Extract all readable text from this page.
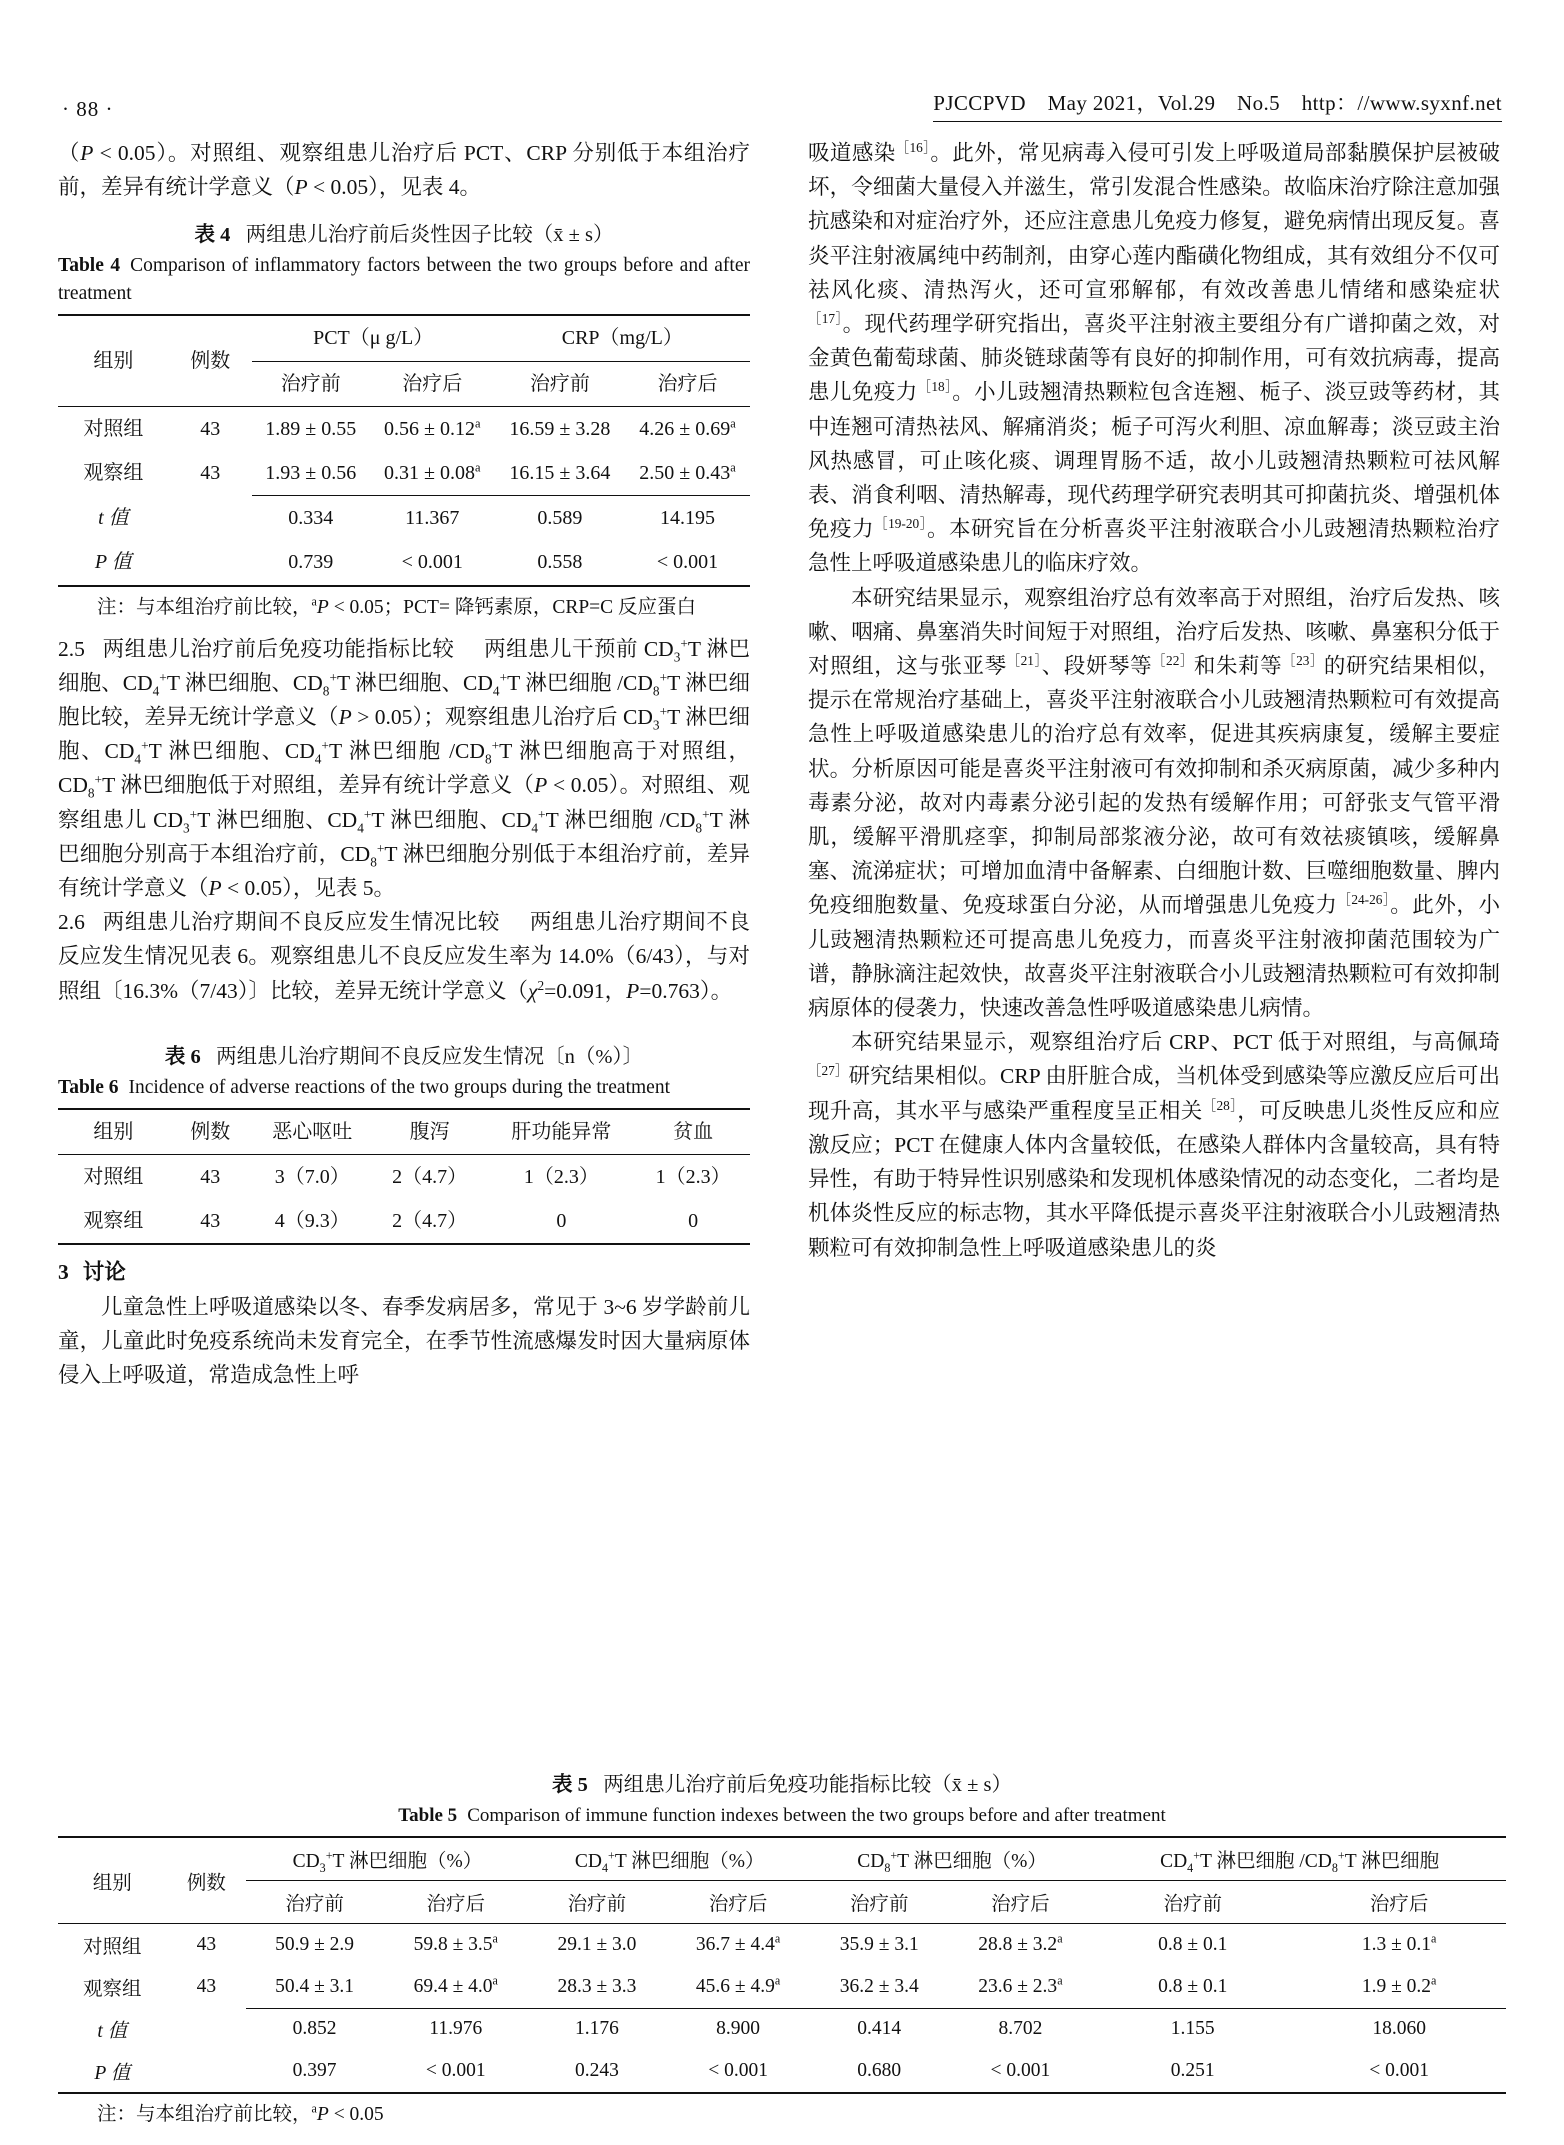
· 88 ·	PJCCPVD May 2021，Vol.29 No.5 http：//www.syxnf.net

（P < 0.05）。对照组、观察组患儿治疗后 PCT、CRP 分别低于本组治疗前，差异有统计学意义（P < 0.05），见表 4。

表 4 两组患儿治疗前后炎性因子比较（x̄ ± s）
Table 4 Comparison of inflammatory factors between the two groups before and after treatment
组别	例数	PCT（μ g/L）		CRP（mg/L）	
		治疗前	治疗后	治疗前	治疗后
对照组	43	1.89 ± 0.55	0.56 ± 0.12$^a$	16.59 ± 3.28	4.26 ± 0.69$^a$
观察组	43	1.93 ± 0.56	0.31 ± 0.08$^a$	16.15 ± 3.64	2.50 ± 0.43$^a$
t 值		0.334	11.367	0.589	14.195
P 值		0.739	< 0.001	0.558	< 0.001
注：与本组治疗前比较，$^a$P < 0.05；PCT= 降钙素原，CRP=C 反应蛋白

2.5 两组患儿治疗前后免疫功能指标比较  两组患儿干预前 $CD_3^+T$ 淋巴细胞、$CD_4^+T$ 淋巴细胞、$CD_8^+T$ 淋巴细胞、$CD_4^+T$ 淋巴细胞 $/CD_8^+T$ 淋巴细胞比较，差异无统计学意义（P > 0.05）；观察组患儿治疗后 $CD_3^+T$ 淋巴细胞、$CD_4^+T$ 淋巴细胞、$CD_4^+T$ 淋巴细胞 $/CD_8^+T$ 淋巴细胞高于对照组，$CD_8^+T$ 淋巴细胞低于对照组，差异有统计学意义（P < 0.05）。对照组、观察组患儿 $CD_3^+T$ 淋巴细胞、$CD_4^+T$ 淋巴细胞、$CD_4^+T$ 淋巴细胞 $/CD_8^+T$ 淋巴细胞分别高于本组治疗前，$CD_8^+T$ 淋巴细胞分别低于本组治疗前，差异有统计学意义（P < 0.05），见表 5。

2.6 两组患儿治疗期间不良反应发生情况比较  两组患儿治疗期间不良反应发生情况见表 6。观察组患儿不良反应发生率为 14.0%（6/43），与对照组〔16.3%（7/43）〕比较，差异无统计学意义（$\chi^2=0.091$，P=0.763）。

表 6 两组患儿治疗期间不良反应发生情况〔n（%）〕
Table 6 Incidence of adverse reactions of the two groups during the treatment
组别	例数	恶心呕吐	腹泻	肝功能异常	贫血
对照组	43	3（7.0）	2（4.7）	1（2.3）	1（2.3）
观察组	43	4（9.3）	2（4.7）	0	0

3 讨论

儿童急性上呼吸道感染以冬、春季发病居多，常见于 3~6 岁学龄前儿童，儿童此时免疫系统尚未发育完全，在季节性流感爆发时因大量病原体侵入上呼吸道，常造成急性上呼

吸道感染$^{[16]}$。此外，常见病毒入侵可引发上呼吸道局部黏膜保护层被破坏，令细菌大量侵入并滋生，常引发混合性感染。故临床治疗除注意加强抗感染和对症治疗外，还应注意患儿免疫力修复，避免病情出现反复。喜炎平注射液属纯中药制剂，由穿心莲内酯磺化物组成，其有效组分不仅可祛风化痰、清热泻火，还可宣邪解郁，有效改善患儿情绪和感染症状$^{[17]}$。现代药理学研究指出，喜炎平注射液主要组分有广谱抑菌之效，对金黄色葡萄球菌、肺炎链球菌等有良好的抑制作用，可有效抗病毒，提高患儿免疫力$^{[18]}$。小儿豉翘清热颗粒包含连翘、栀子、淡豆豉等药材，其中连翘可清热祛风、解痛消炎；栀子可泻火利胆、凉血解毒；淡豆豉主治风热感冒，可止咳化痰、调理胃肠不适，故小儿豉翘清热颗粒可祛风解表、消食利咽、清热解毒，现代药理学研究表明其可抑菌抗炎、增强机体免疫力$^{[19-20]}$。本研究旨在分析喜炎平注射液联合小儿豉翘清热颗粒治疗急性上呼吸道感染患儿的临床疗效。

本研究结果显示，观察组治疗总有效率高于对照组，治疗后发热、咳嗽、咽痛、鼻塞消失时间短于对照组，治疗后发热、咳嗽、鼻塞积分低于对照组，这与张亚琴$^{[21]}$、段妍琴等$^{[22]}$和朱莉等$^{[23]}$的研究结果相似，提示在常规治疗基础上，喜炎平注射液联合小儿豉翘清热颗粒可有效提高急性上呼吸道感染患儿的治疗总有效率，促进其疾病康复，缓解主要症状。分析原因可能是喜炎平注射液可有效抑制和杀灭病原菌，减少多种内毒素分泌，故对内毒素分泌引起的发热有缓解作用；可舒张支气管平滑肌，缓解平滑肌痉挛，抑制局部浆液分泌，故可有效祛痰镇咳，缓解鼻塞、流涕症状；可增加血清中备解素、白细胞计数、巨噬细胞数量、脾内免疫细胞数量、免疫球蛋白分泌，从而增强患儿免疫力$^{[24-26]}$。此外，小儿豉翘清热颗粒还可提高患儿免疫力，而喜炎平注射液抑菌范围较为广谱，静脉滴注起效快，故喜炎平注射液联合小儿豉翘清热颗粒可有效抑制病原体的侵袭力，快速改善急性呼吸道感染患儿病情。

本研究结果显示，观察组治疗后 CRP、PCT 低于对照组，与高佩琦$^{[27]}$研究结果相似。CRP 由肝脏合成，当机体受到感染等应激反应后可出现升高，其水平与感染严重程度呈正相关$^{[28]}$，可反映患儿炎性反应和应激反应；PCT 在健康人体内含量较低，在感染人群体内含量较高，具有特异性，有助于特异性识别感染和发现机体感染情况的动态变化，二者均是机体炎性反应的标志物，其水平降低提示喜炎平注射液联合小儿豉翘清热颗粒可有效抑制急性上呼吸道感染患儿的炎

表 5 两组患儿治疗前后免疫功能指标比较（x̄ ± s）
Table 5 Comparison of immune function indexes between the two groups before and after treatment
组别	例数	$CD_3^+T$ 淋巴细胞（%）		$CD_4^+T$ 淋巴细胞（%）		$CD_8^+T$ 淋巴细胞（%）		$CD_4^+T$ 淋巴细胞 $/CD_8^+T$ 淋巴细胞	
		治疗前	治疗后	治疗前	治疗后	治疗前	治疗后	治疗前	治疗后
对照组	43	50.9 ± 2.9	59.8 ± 3.5$^a$	29.1 ± 3.0	36.7 ± 4.4$^a$	35.9 ± 3.1	28.8 ± 3.2$^a$	0.8 ± 0.1	1.3 ± 0.1$^a$
观察组	43	50.4 ± 3.1	69.4 ± 4.0$^a$	28.3 ± 3.3	45.6 ± 4.9$^a$	36.2 ± 3.4	23.6 ± 2.3$^a$	0.8 ± 0.1	1.9 ± 0.2$^a$
t 值		0.852	11.976	1.176	8.900	0.414	8.702	1.155	18.060
P 值		0.397	< 0.001	0.243	< 0.001	0.680	< 0.001	0.251	< 0.001
注：与本组治疗前比较，$^a$P < 0.05
